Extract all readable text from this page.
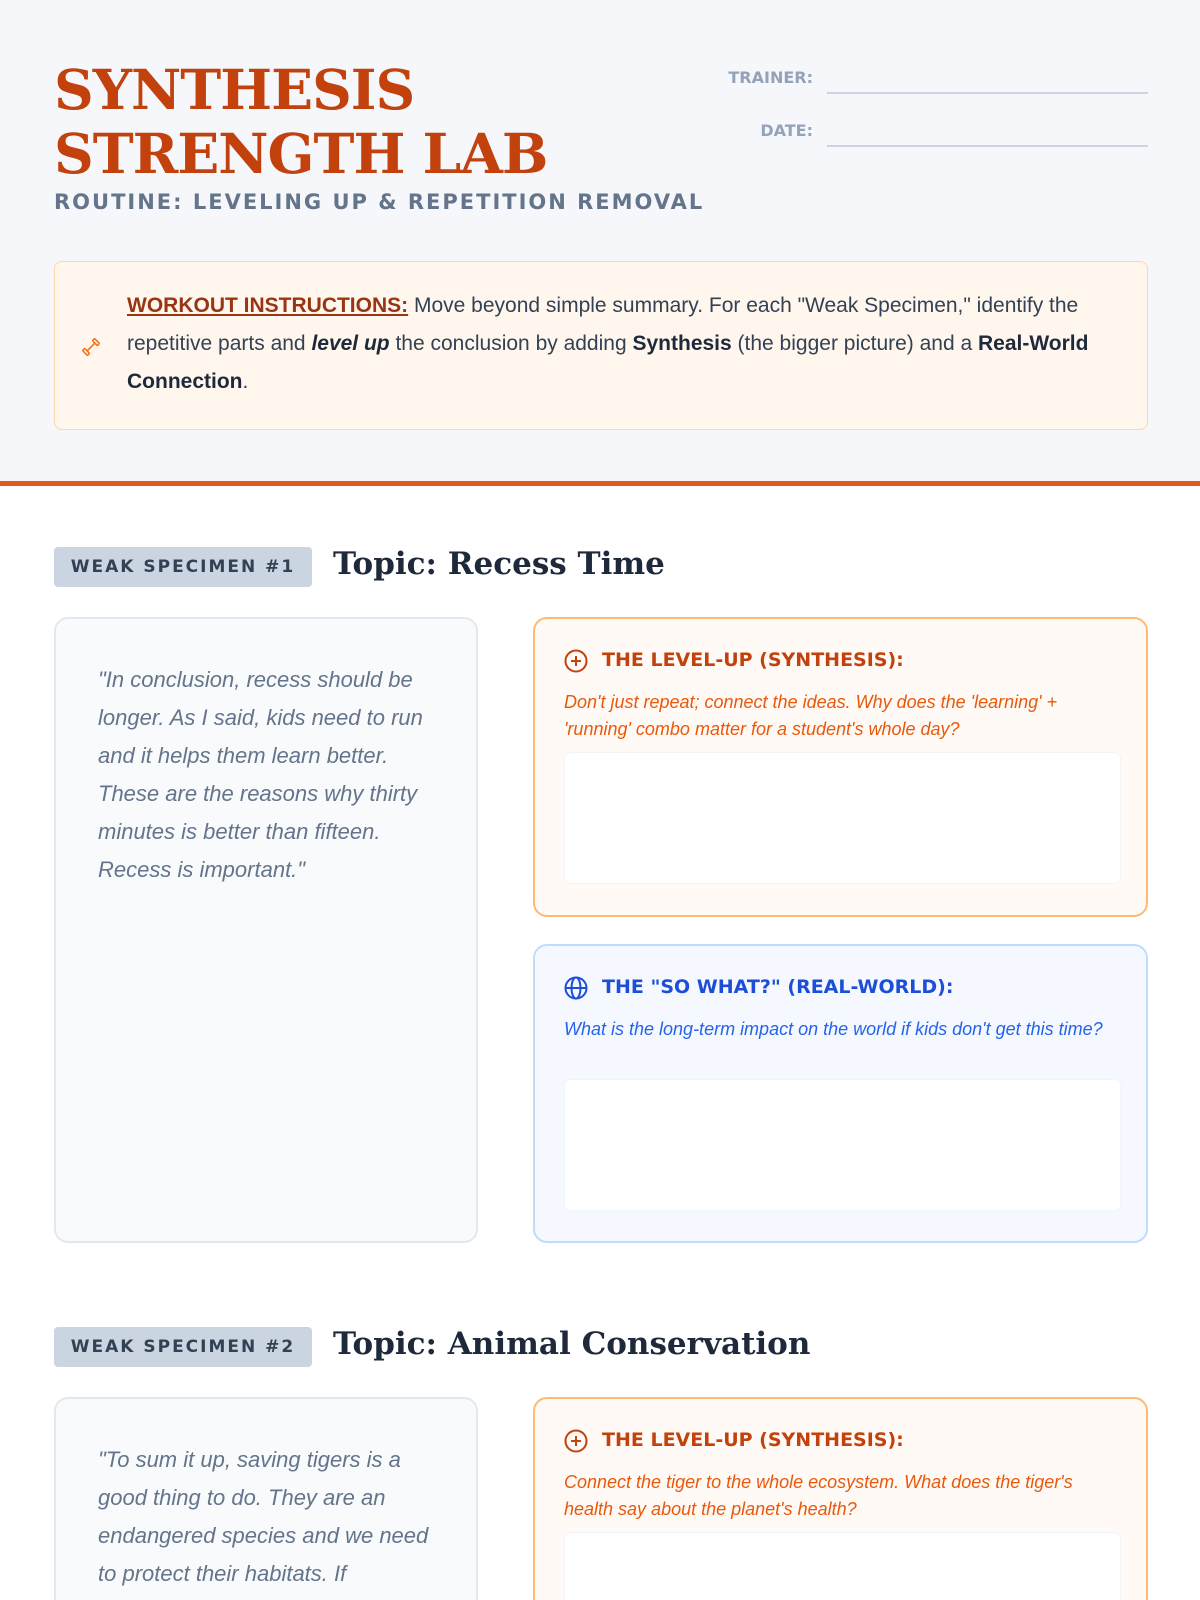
SYNTHESIS STRENGTH LAB
ROUTINE: LEVELING UP & REPETITION REMOVAL
TRAINER:
DATE:

WORKOUT INSTRUCTIONS: Move beyond simple summary. For each "Weak Specimen," identify the repetitive parts and level up the conclusion by adding Synthesis (the bigger picture) and a Real-World Connection.

WEAK SPECIMEN #1	Topic: Recess Time

"In conclusion, recess should be longer. As I said, kids need to run and it helps them learn better. These are the reasons why thirty minutes is better than fifteen. Recess is important."

THE LEVEL-UP (SYNTHESIS):

Don't just repeat; connect the ideas. Why does the 'learning' + 'running' combo matter for a student's whole day?

THE "SO WHAT?" (REAL-WORLD):

What is the long-term impact on the world if kids don't get this time?

WEAK SPECIMEN #2	Topic: Animal Conservation

"To sum it up, saving tigers is a good thing to do. They are an endangered species and we need to protect their habitats. If

THE LEVEL-UP (SYNTHESIS):

Connect the tiger to the whole ecosystem. What does the tiger's health say about the planet's health?
